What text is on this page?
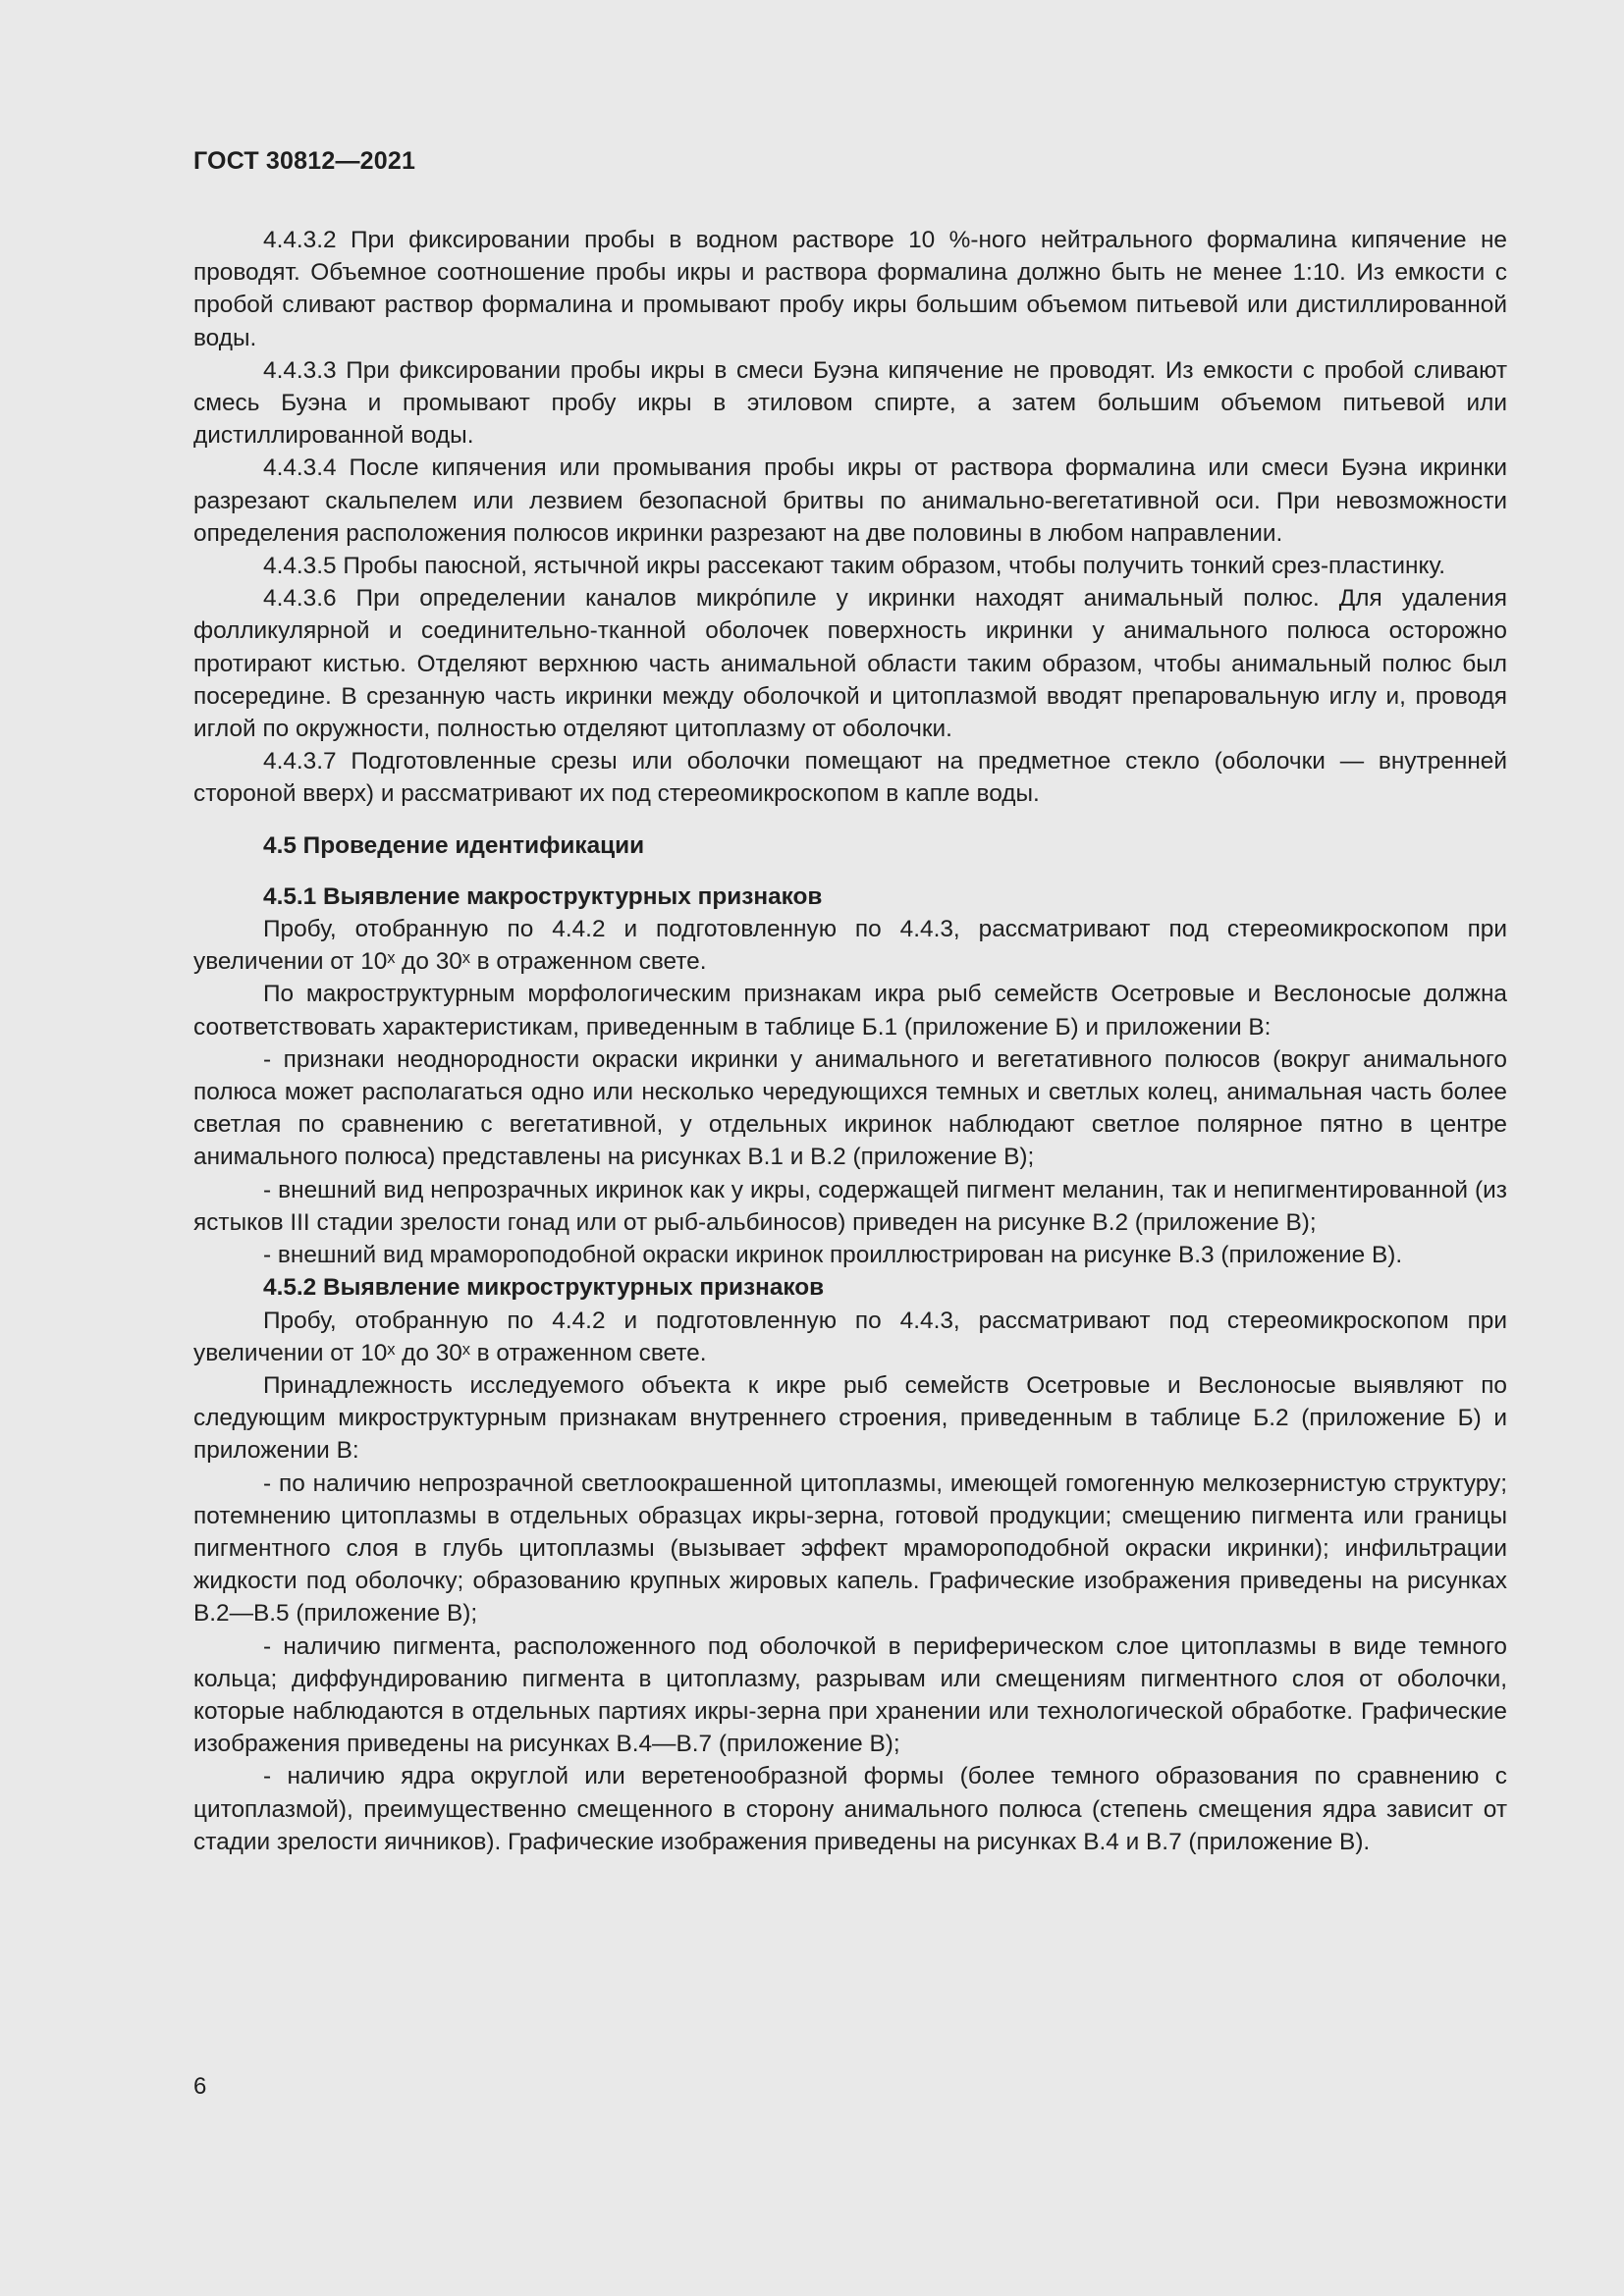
ГОСТ 30812—2021

4.4.3.2 При фиксировании пробы в водном растворе 10 %-ного нейтрального формалина кипячение не проводят. Объемное соотношение пробы икры и раствора формалина должно быть не менее 1:10. Из емкости с пробой сливают раствор формалина и промывают пробу икры большим объемом питьевой или дистиллированной воды.

4.4.3.3 При фиксировании пробы икры в смеси Буэна кипячение не проводят. Из емкости с пробой сливают смесь Буэна и промывают пробу икры в этиловом спирте, а затем большим объемом питьевой или дистиллированной воды.

4.4.3.4 После кипячения или промывания пробы икры от раствора формалина или смеси Буэна икринки разрезают скальпелем или лезвием безопасной бритвы по анимально-вегетативной оси. При невозможности определения расположения полюсов икринки разрезают на две половины в любом направлении.

4.4.3.5 Пробы паюсной, ястычной икры рассекают таким образом, чтобы получить тонкий срез-пластинку.

4.4.3.6 При определении каналов микро́пиле у икринки находят анимальный полюс. Для удаления фолликулярной и соединительно-тканной оболочек поверхность икринки у анимального полюса осторожно протирают кистью. Отделяют верхнюю часть анимальной области таким образом, чтобы анимальный полюс был посередине. В срезанную часть икринки между оболочкой и цитоплазмой вводят препаровальную иглу и, проводя иглой по окружности, полностью отделяют цитоплазму от оболочки.

4.4.3.7 Подготовленные срезы или оболочки помещают на предметное стекло (оболочки — внутренней стороной вверх) и рассматривают их под стереомикроскопом в капле воды.

4.5 Проведение идентификации

4.5.1 Выявление макроструктурных признаков

Пробу, отобранную по 4.4.2 и подготовленную по 4.4.3, рассматривают под стереомикроскопом при увеличении от 10ˣ до 30ˣ в отраженном свете.

По макроструктурным морфологическим признакам икра рыб семейств Осетровые и Веслоносые должна соответствовать характеристикам, приведенным в таблице Б.1 (приложение Б) и приложении В:

- признаки неоднородности окраски икринки у анимального и вегетативного полюсов (вокруг анимального полюса может располагаться одно или несколько чередующихся темных и светлых колец, анимальная часть более светлая по сравнению с вегетативной, у отдельных икринок наблюдают светлое полярное пятно в центре анимального полюса) представлены на рисунках В.1 и В.2 (приложение В);

- внешний вид непрозрачных икринок как у икры, содержащей пигмент меланин, так и непигментированной (из ястыков III стадии зрелости гонад или от рыб-альбиносов) приведен на рисунке В.2 (приложение В);

- внешний вид мрамороподобной окраски икринок проиллюстрирован на рисунке В.3 (приложение В).

4.5.2 Выявление микроструктурных признаков

Пробу, отобранную по 4.4.2 и подготовленную по 4.4.3, рассматривают под стереомикроскопом при увеличении от 10ˣ до 30ˣ в отраженном свете.

Принадлежность исследуемого объекта к икре рыб семейств Осетровые и Веслоносые выявляют по следующим микроструктурным признакам внутреннего строения, приведенным в таблице Б.2 (приложение Б) и приложении В:

- по наличию непрозрачной светлоокрашенной цитоплазмы, имеющей гомогенную мелкозернистую структуру; потемнению цитоплазмы в отдельных образцах икры-зерна, готовой продукции; смещению пигмента или границы пигментного слоя в глубь цитоплазмы (вызывает эффект мрамороподобной окраски икринки); инфильтрации жидкости под оболочку; образованию крупных жировых капель. Графические изображения приведены на рисунках В.2—В.5 (приложение В);

- наличию пигмента, расположенного под оболочкой в периферическом слое цитоплазмы в виде темного кольца; диффундированию пигмента в цитоплазму, разрывам или смещениям пигментного слоя от оболочки, которые наблюдаются в отдельных партиях икры-зерна при хранении или технологической обработке. Графические изображения приведены на рисунках В.4—В.7 (приложение В);

- наличию ядра округлой или веретенообразной формы (более темного образования по сравнению с цитоплазмой), преимущественно смещенного в сторону анимального полюса (степень смещения ядра зависит от стадии зрелости яичников). Графические изображения приведены на рисунках В.4 и В.7 (приложение В).

6
